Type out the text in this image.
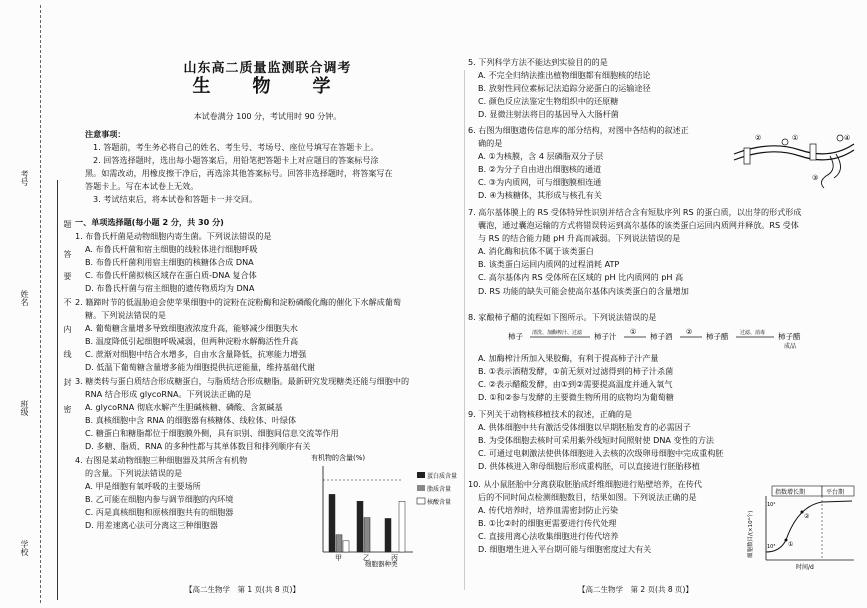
考号
姓名
班级
学校
题
答
要
不
内
线
封
密
山东高二质量监测联合调考
生　物　学
本试卷满分 100 分，考试用时 90 分钟。
注意事项：
1. 答题前，考生务必将自己的姓名、考生号、考场号、座位号填写在答题卡上。
2. 回答选择题时，选出每小题答案后，用铅笔把答题卡上对应题目的答案标号涂
黑。如需改动，用橡皮擦干净后，再选涂其他答案标号。回答非选择题时，将答案写在
答题卡上。写在本试卷上无效。
3. 考试结束后，将本试卷和答题卡一并交回。
一、单项选择题(每小题 2 分，共 30 分)
1. 布鲁氏杆菌是动物细胞内寄生菌。下列说法错误的是
A. 布鲁氏杆菌和宿主细胞的线粒体进行细胞呼吸
B. 布鲁氏杆菌利用宿主细胞的核糖体合成 DNA
C. 布鲁氏杆菌拟核区域存在蛋白质-DNA 复合体
D. 布鲁氏杆菌与宿主细胞的遗传物质均为 DNA
2. 籍蹄时节的低温胁迫会使苹果细胞中的淀粉在淀粉酶和淀粉磷酸化酶的催化下水解成葡萄
糖。下列说法错误的是
A. 葡萄糖含量增多导致细胞液浓度升高，能够减少细胞失水
B. 温度降低引起细胞呼吸减弱，但两种淀粉水解酶活性升高
C. 蔗渐对细胞中结合水增多，自由水含量降低，抗寒能力增强
D. 低温下葡萄糖含量增多能为细胞提供抗逆能量，维持基础代谢
3. 糖类转与蛋白质结合形成糖蛋白，与脂质结合形成糖脂。最新研究发现糖类还能与细胞中的
RNA 结合形成 glycoRNA。下列说法正确的是
A. glycoRNA 彻底水解产生胆碱核糖、磷酸、含氮碱基
B. 真核细胞中含 RNA 的细胞器有核糖体、线粒体、叶绿体
C. 糖蛋白和糖脂都位于细胞膜外侧，具有识别、细胞间信息交流等作用
D. 多糖、脂质、RNA 的多种性都与其单体数目和排列顺序有关
4. 右图是某动物细胞三种细胞器及其所含有机物
的含量。下列说法错误的是
A. 甲是细胞有氧呼吸的主要场所
B. 乙可能在细胞内参与调节细胞的内环境
C. 丙是真核细胞和原核细胞共有的细胞器
D. 用差速离心法可分离这三种细胞器
有机物的含量(%)
甲	乙	丙
细胞器种类
蛋白质含量
脂质含量
核酸含量
【高二生物学　第 1 页(共 8 页)】
5. 下列科学方法不能达到实验目的的是
A. 不完全归纳法推出植物细胞都有细胞核的结论
B. 放射性同位素标记法追踪分泌蛋白的运输途径
C. 颜色反应法鉴定生物组织中的还原糖
D. 显微注射法将目的基因导入大肠杆菌
6. 右图为细胞遗传信息库的部分结构，对图中各结构的叙述正
确的是
A. ①为核膜，含 4 层磷脂双分子层
B. ②为分子自由进出细胞核的通道
C. ③为内质网，可与细胞膜相连通
D. ④为核糖体，其形成与核孔有关
②	①	④
③
7. 高尔基体膜上的 RS 受体特异性识别并结合含有短肽序列 RS 的蛋白质，以出芽的形式形成
囊泡，通过囊泡运输的方式将错误转运到高尔基体的该类蛋白运回内质网并释放。RS 受体
与 RS 的结合能力随 pH 升高而减弱。下列说法错误的是
A. 消化酶和抗体不属于该类蛋白
B. 该类蛋白运回内质网的过程消耗 ATP
C. 高尔基体内 RS 受体所在区域的 pH 比内质网的 pH 高
D. RS 功能的缺失可能会使高尔基体内该类蛋白的含量增加
8. 家酿柿子醋的流程如下图所示。下列说法错误的是
柿子 清洗、加酶榨汁、过滤 柿子汁 ① 柿子酒 ② 柿子醋 过滤、消毒 柿子醋
成品
A. 加酶榨汁所加入果胶酶，有利于提高柿子汁产量
B. ①表示酒精发酵，①前无须对过滤得到的柿子汁杀菌
C. ②表示醋酸发酵，由①到②需要提高温度并通入氧气
D. ①和②参与发酵的主要微生物所用的底物均为葡萄糖
9. 下列关于动物核移植技术的叙述，正确的是
A. 供体细胞中共有激活受体细胞以早期胚胎发育的必需因子
B. 为受体细胞去核时可采用紫外线短时间照射使 DNA 变性的方法
C. 可通过电刺激法使供体细胞进入去核的次级卵母细胞中完成重构胚
D. 供体核进入卵母细胞后形成重构胚，可以直接进行胚胎移植
10. 从小鼠胚胎中分离获取胚胎成纤维细胞进行贴壁培养，在传代
后的不同时间点检测细胞数目，结果如图。下列说法正确的是
A. 传代培养时，培养皿需密封防止污染
B. ①比②时的细胞更需要进行传代处理
C. 直接用离心法收集细胞进行传代培养
D. 细胞增生进入平台期可能与细胞密度过大有关
指数增长期	平台期
①
②
10⁴
10³
细胞数目/(×10⁴个)
时间/d
【高二生物学　第 2 页(共 8 页)】
